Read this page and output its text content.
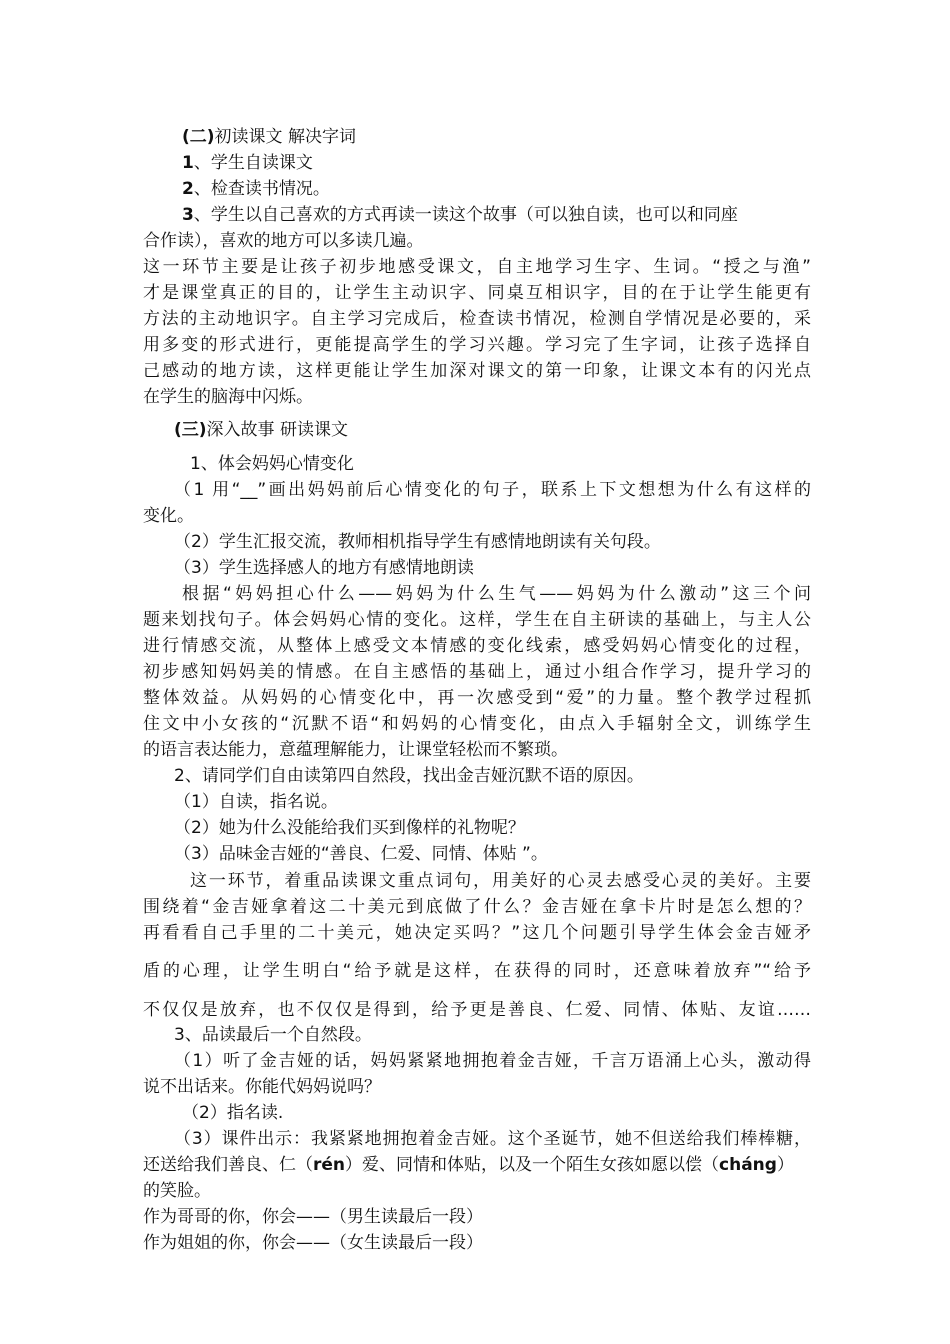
(二)初读课文 解决字词
1、学生自读课文
2、检查读书情况。
3、学生以自己喜欢的方式再读一读这个故事（可以独自读，也可以和同座
合作读），喜欢的地方可以多读几遍。
这一环节主要是让孩子初步地感受课文，自主地学习生字、生词。“授之与渔”
才是课堂真正的目的，让学生主动识字、同桌互相识字，目的在于让学生能更有
方法的主动地识字。自主学习完成后，检查读书情况，检测自学情况是必要的，采
用多变的形式进行，更能提高学生的学习兴趣。学习完了生字词，让孩子选择自
己感动的地方读，这样更能让学生加深对课文的第一印象，让课文本有的闪光点
在学生的脑海中闪烁。
(三)深入故事 研读课文
1、体会妈妈心情变化
（1 用“__”画出妈妈前后心情变化的句子，联系上下文想想为什么有这样的
变化。
（2）学生汇报交流，教师相机指导学生有感情地朗读有关句段。
（3）学生选择感人的地方有感情地朗读
根据“妈妈担心什么——妈妈为什么生气——妈妈为什么激动”这三个问
题来划找句子。体会妈妈心情的变化。这样，学生在自主研读的基础上，与主人公
进行情感交流，从整体上感受文本情感的变化线索，感受妈妈心情变化的过程，
初步感知妈妈美的情感。在自主感悟的基础上，通过小组合作学习，提升学习的
整体效益。从妈妈的心情变化中，再一次感受到“爱”的力量。整个教学过程抓
住文中小女孩的“沉默不语“和妈妈的心情变化，由点入手辐射全文，训练学生
的语言表达能力，意蕴理解能力，让课堂轻松而不繁琐。
2、请同学们自由读第四自然段，找出金吉娅沉默不语的原因。
（1）自读，指名说。
（2）她为什么没能给我们买到像样的礼物呢？
（3）品味金吉娅的“善良、仁爱、同情、体贴 ”。
这一环节，着重品读课文重点词句，用美好的心灵去感受心灵的美好。主要
围绕着“金吉娅拿着这二十美元到底做了什么？金吉娅在拿卡片时是怎么想的？
再看看自己手里的二十美元，她决定买吗？”这几个问题引导学生体会金吉娅矛
盾的心理，让学生明白“给予就是这样，在获得的同时，还意味着放弃”“给予
不仅仅是放弃，也不仅仅是得到，给予更是善良、仁爱、同情、体贴、友谊……
3、品读最后一个自然段。
（1）听了金吉娅的话，妈妈紧紧地拥抱着金吉娅，千言万语涌上心头，激动得
说不出话来。你能代妈妈说吗？
（2）指名读.
（3）课件出示：我紧紧地拥抱着金吉娅。这个圣诞节，她不但送给我们棒棒糖，
还送给我们善良、仁（rén）爱、同情和体贴，以及一个陌生女孩如愿以偿（cháng）
的笑脸。
作为哥哥的你，你会——（男生读最后一段）
作为姐姐的你，你会——（女生读最后一段）
